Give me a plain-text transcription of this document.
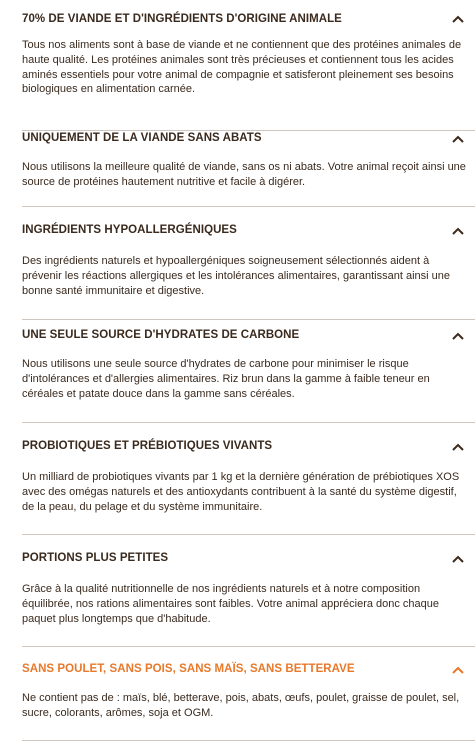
70% DE VIANDE ET D'INGRÉDIENTS D'ORIGINE ANIMALE
Tous nos aliments sont à base de viande et ne contiennent que des protéines animales de haute qualité. Les protéines animales sont très précieuses et contiennent tous les acides aminés essentiels pour votre animal de compagnie et satisferont pleinement ses besoins biologiques en alimentation carnée.
UNIQUEMENT DE LA VIANDE SANS ABATS
Nous utilisons la meilleure qualité de viande, sans os ni abats. Votre animal reçoit ainsi une source de protéines hautement nutritive et facile à digérer.
INGRÉDIENTS HYPOALLERGÉNIQUES
Des ingrédients naturels et hypoallergéniques soigneusement sélectionnés aident à prévenir les réactions allergiques et les intolérances alimentaires, garantissant ainsi une bonne santé immunitaire et digestive.
UNE SEULE SOURCE D'HYDRATES DE CARBONE
Nous utilisons une seule source d'hydrates de carbone pour minimiser le risque d'intolérances et d'allergies alimentaires. Riz brun dans la gamme à faible teneur en céréales et patate douce dans la gamme sans céréales.
PROBIOTIQUES ET PRÉBIOTIQUES VIVANTS
Un milliard de probiotiques vivants par 1 kg et la dernière génération de prébiotiques XOS avec des omégas naturels et des antioxydants contribuent à la santé du système digestif, de la peau, du pelage et du système immunitaire.
PORTIONS PLUS PETITES
Grâce à la qualité nutritionnelle de nos ingrédients naturels et à notre composition équilibrée, nos rations alimentaires sont faibles. Votre animal appréciera donc chaque paquet plus longtemps que d'habitude.
SANS POULET, SANS POIS, SANS MAÏS, SANS BETTERAVE
Ne contient pas de : maïs, blé, betterave, pois, abats, œufs, poulet, graisse de poulet, sel, sucre, colorants, arômes, soja et OGM.
